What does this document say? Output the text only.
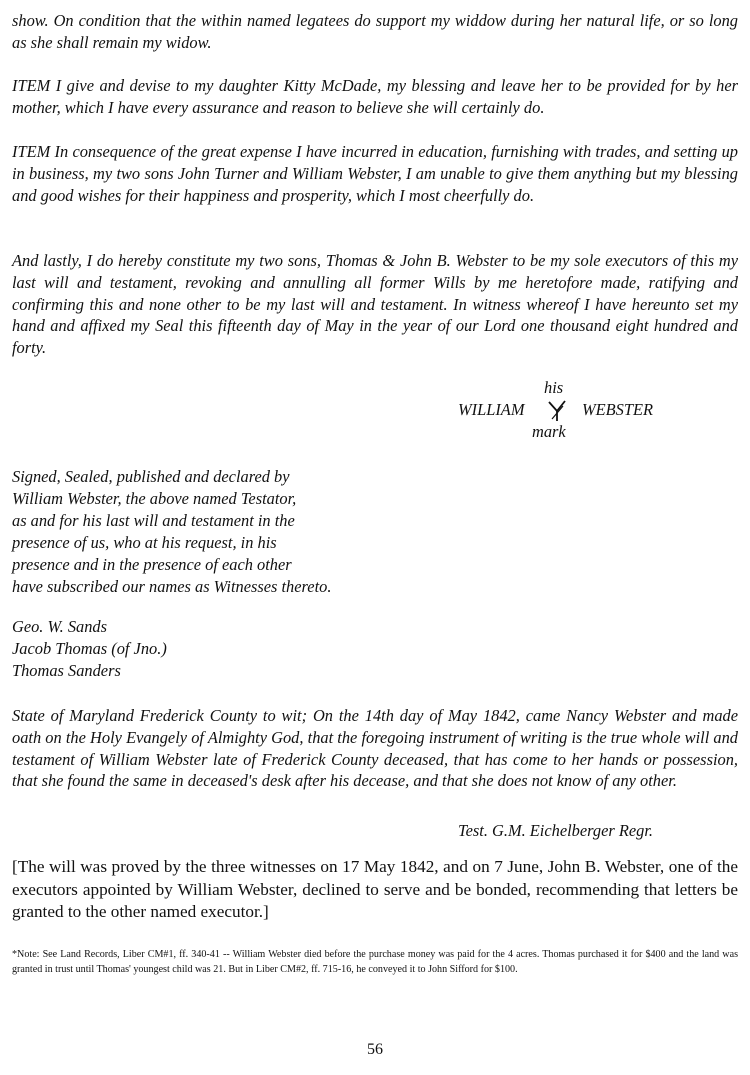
show. On condition that the within named legatees do support my widdow during her natural life, or so long as she shall remain my widow.

ITEM I give and devise to my daughter Kitty McDade, my blessing and leave her to be provided for by her mother, which I have every assurance and reason to believe she will certainly do.

ITEM In consequence of the great expense I have incurred in education, furnishing with trades, and setting up in business, my two sons John Turner and William Webster, I am unable to give them anything but my blessing and good wishes for their happiness and prosperity, which I most cheerfully do.

And lastly, I do hereby constitute my two sons, Thomas & John B. Webster to be my sole executors of this my last will and testament, revoking and annulling all former Wills by me heretofore made, ratifying and confirming this and none other to be my last will and testament. In witness whereof I have hereunto set my hand and affixed my Seal this fifteenth day of May in the year of our Lord one thousand eight hundred and forty.

his
WILLIAM	WEBSTER
mark
Signed, Sealed, published and declared by
William Webster, the above named Testator,
as and for his last will and testament in the
presence of us, who at his request, in his
presence and in the presence of each other
have subscribed our names as Witnesses thereto.
Geo. W. Sands
Jacob Thomas (of Jno.)
Thomas Sanders

State of Maryland Frederick County to wit; On the 14th day of May 1842, came Nancy Webster and made oath on the Holy Evangely of Almighty God, that the foregoing instrument of writing is the true whole will and testament of William Webster late of Frederick County deceased, that has come to her hands or possession, that she found the same in deceased's desk after his decease, and that she does not know of any other.

Test. G.M. Eichelberger Regr.

[The will was proved by the three witnesses on 17 May 1842, and on 7 June, John B. Webster, one of the executors appointed by William Webster, declined to serve and be bonded, recommending that letters be granted to the other named executor.]

*Note: See Land Records, Liber CM#1, ff. 340-41 -- William Webster died before the purchase money was paid for the 4 acres. Thomas purchased it for $400 and the land was granted in trust until Thomas' youngest child was 21. But in Liber CM#2, ff. 715-16, he conveyed it to John Sifford for $100.

56
